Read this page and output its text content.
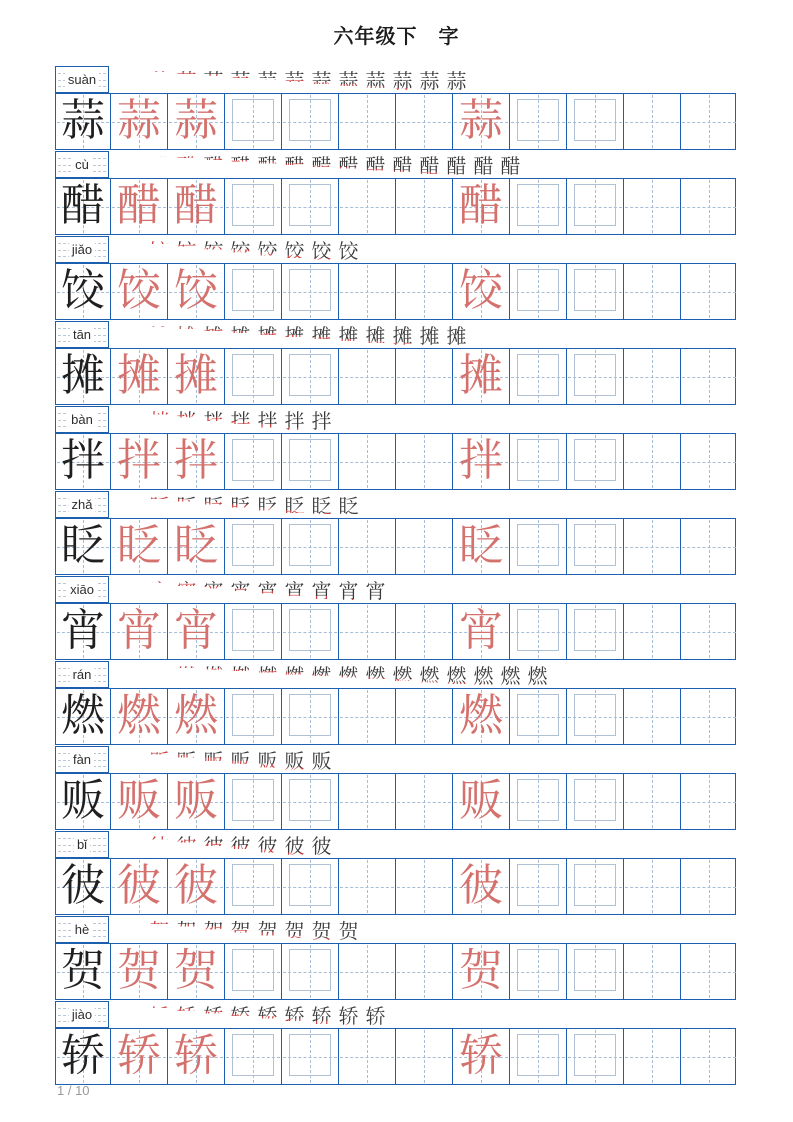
六年级下　字
suàn 蒜 蒜 蒜 蒜 蒜 蒜 蒜 蒜 蒜 蒜 蒜 蒜 蒜
蒜 蒜 蒜	蒜
cù 醋 醋 醋 醋 醋 醋 醋 醋 醋 醋 醋 醋 醋 醋 醋
醋 醋 醋	醋
jiǎo 饺 饺 饺 饺 饺 饺 饺 饺 饺
饺 饺 饺	饺
tān 摊 摊 摊 摊 摊 摊 摊 摊 摊 摊 摊 摊 摊
摊 摊 摊	摊
bàn 拌 拌 拌 拌 拌 拌 拌 拌
拌 拌 拌	拌
zhǎ 眨 眨 眨 眨 眨 眨 眨 眨 眨
眨 眨 眨	眨
xiāo 宵 宵 宵 宵 宵 宵 宵 宵 宵 宵
宵 宵 宵	宵
rán 燃 燃 燃 燃 燃 燃 燃 燃 燃 燃 燃 燃 燃 燃 燃 燃
燃 燃 燃	燃
fàn 贩 贩 贩 贩 贩 贩 贩 贩
贩 贩 贩	贩
bǐ 彼 彼 彼 彼 彼 彼 彼 彼
彼 彼 彼	彼
hè 贺 贺 贺 贺 贺 贺 贺 贺 贺
贺 贺 贺	贺
jiào 轿 轿 轿 轿 轿 轿 轿 轿 轿 轿
轿 轿 轿	轿
1 / 10
